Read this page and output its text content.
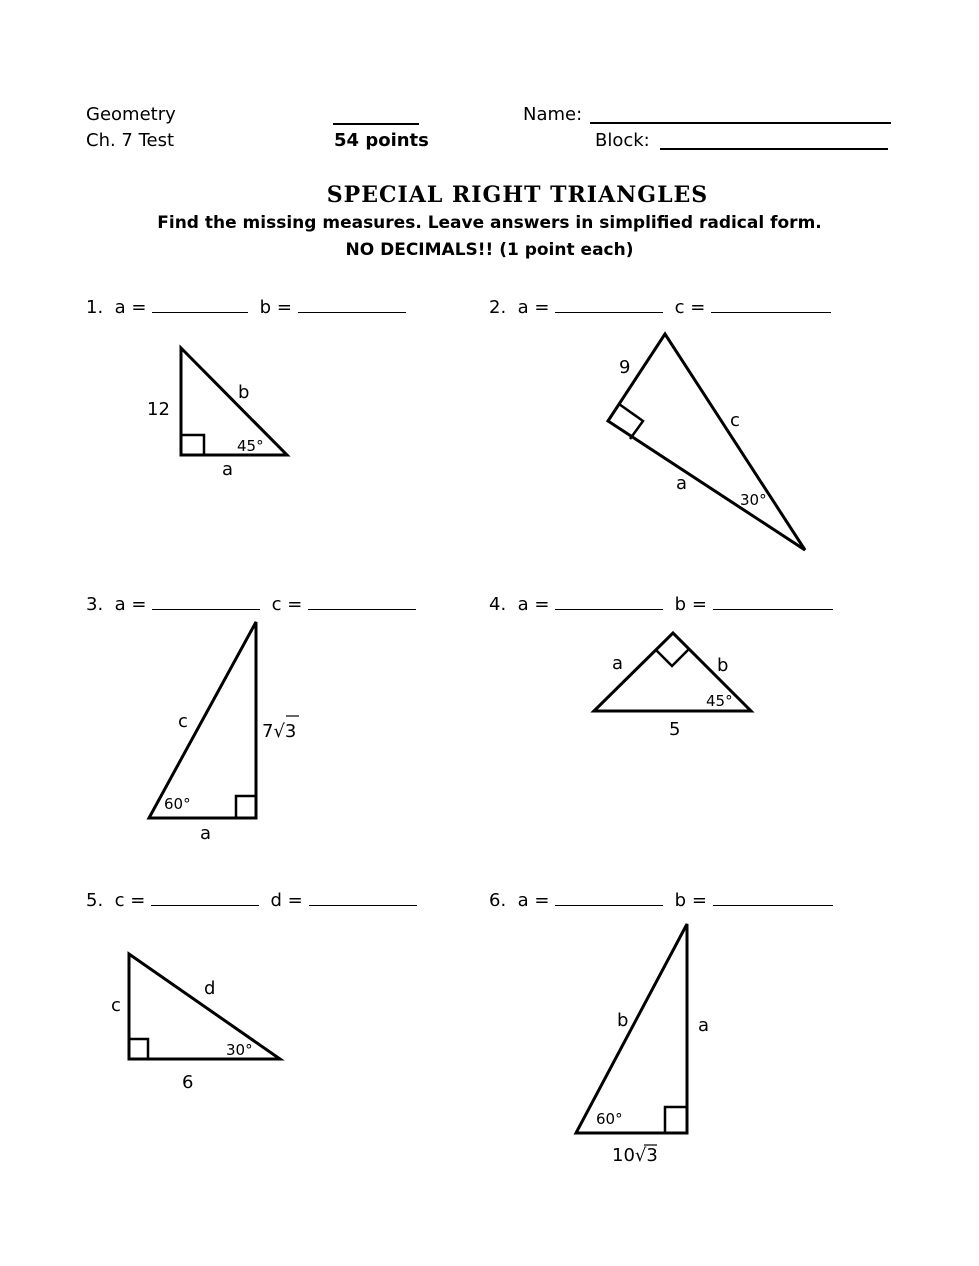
Geometry
Ch. 7 Test	54 points
Name:
Block:
SPECIAL RIGHT TRIANGLES
Find the missing measures. Leave answers in simplified radical form.
NO DECIMALS!! (1 point each)
1. a =	b =	2. a =	c =
3. a =	c =	4. a =	b =
5. c =	d =	6. a =	b =
12
b
45°
a
9
c
a
30°
c	7√3
60°
a
a	b
45°
5
c
d
30°
6
b	a
60°
10√3
